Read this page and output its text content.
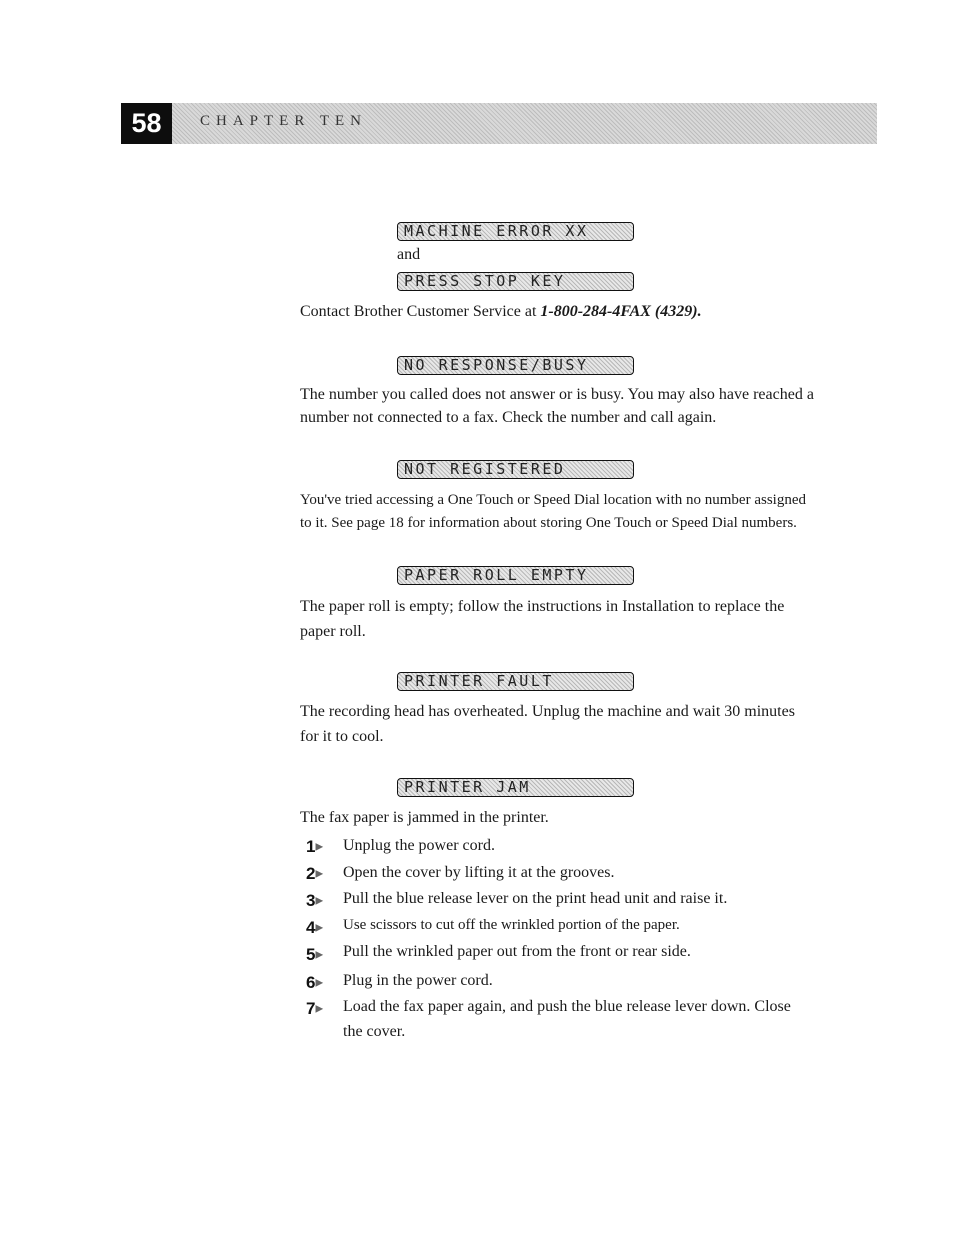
58	CHAPTER TEN
MACHINE ERROR XX
and
PRESS STOP KEY
Contact Brother Customer Service at 1-800-284-4FAX (4329).
NO RESPONSE/BUSY
The number you called does not answer or is busy. You may also have reached a
number not connected to a fax. Check the number and call again.
NOT REGISTERED
You've tried accessing a One Touch or Speed Dial location with no number assigned
to it. See page 18 for information about storing One Touch or Speed Dial numbers.
PAPER ROLL EMPTY
The paper roll is empty; follow the instructions in Installation to replace the
paper roll.
PRINTER FAULT
The recording head has overheated. Unplug the machine and wait 30 minutes
for it to cool.
PRINTER JAM
The fax paper is jammed in the printer.
1▶ Unplug the power cord.
2▶ Open the cover by lifting it at the grooves.
3▶ Pull the blue release lever on the print head unit and raise it.
4▶ Use scissors to cut off the wrinkled portion of the paper.
5▶ Pull the wrinkled paper out from the front or rear side.
6▶ Plug in the power cord.
7▶ Load the fax paper again, and push the blue release lever down. Close
the cover.
